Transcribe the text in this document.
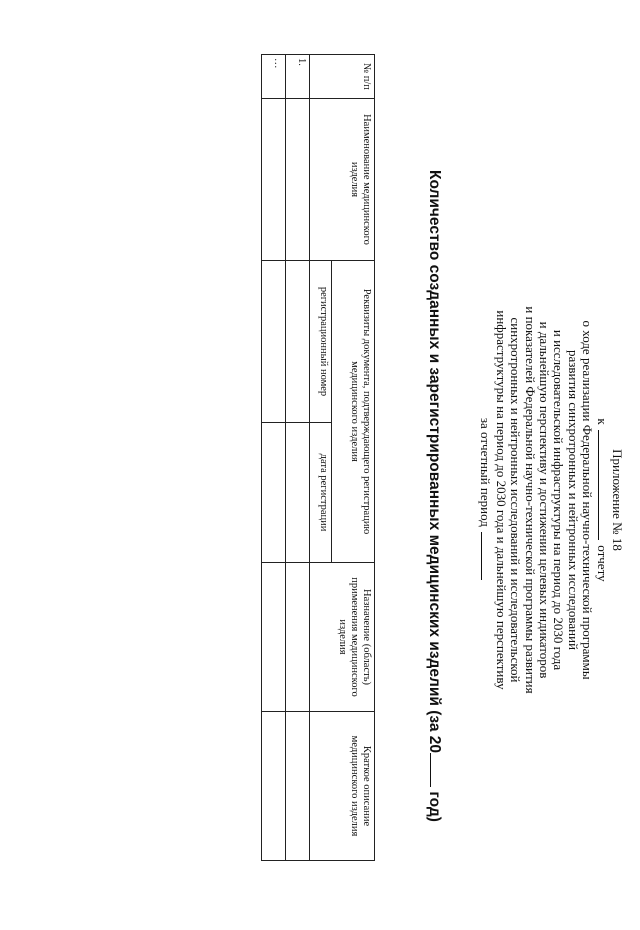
Приложение № 18
к  отчету
о ходе реализации Федеральной научно-технической программы
развития синхротронных и нейтронных исследований
и исследовательской инфраструктуры на период до 2030 года
и дальнейшую перспективу и достижении целевых индикаторов
и показателей Федеральной научно-технической программы развития
синхротронных и нейтронных исследований и исследовательской
инфраструктуры на период до 2030 года и дальнейшую перспективу
за отчетный период
Количество созданных и зарегистрированных медицинских изделий (за 20 год)
№ п/п	Наименование медицинского изделия	Реквизиты документа, подтверждающего регистрацию медицинского изделия		Назначение (область) применения медицинского изделия	Краткое описание медицинского изделия
		регистрационный номер	дата регистрации		
1.					
…					
